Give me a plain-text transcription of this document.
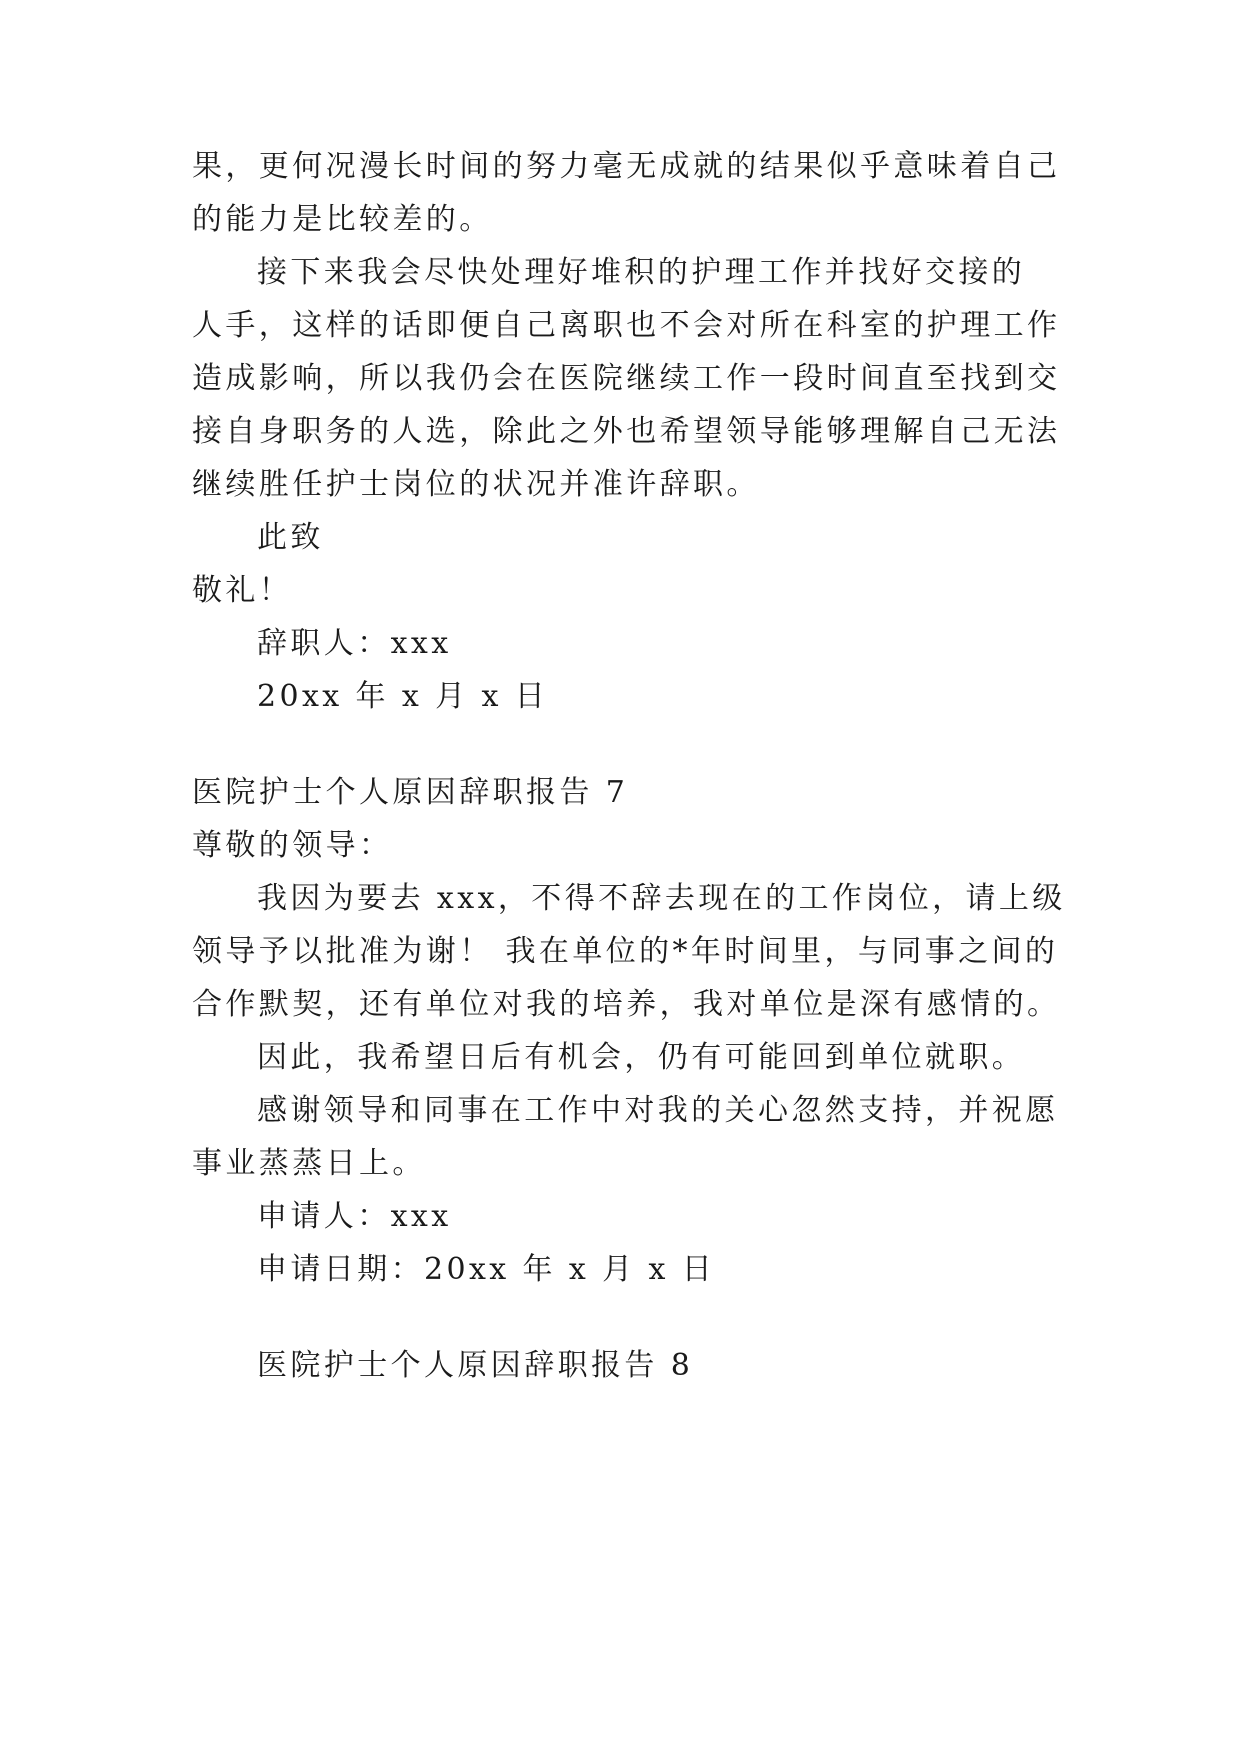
果，更何况漫长时间的努力毫无成就的结果似乎意味着自己
的能力是比较差的。
接下来我会尽快处理好堆积的护理工作并找好交接的
人手，这样的话即便自己离职也不会对所在科室的护理工作
造成影响，所以我仍会在医院继续工作一段时间直至找到交
接自身职务的人选，除此之外也希望领导能够理解自己无法
继续胜任护士岗位的状况并准许辞职。
此致
敬礼！
辞职人：xxx
20xx 年 x 月 x 日
医院护士个人原因辞职报告 7
尊敬的领导：
我因为要去 xxx，不得不辞去现在的工作岗位，请上级
领导予以批准为谢！ 我在单位的*年时间里，与同事之间的
合作默契，还有单位对我的培养，我对单位是深有感情的。
因此，我希望日后有机会，仍有可能回到单位就职。
感谢领导和同事在工作中对我的关心忽然支持，并祝愿
事业蒸蒸日上。
申请人：xxx
申请日期：20xx 年 x 月 x 日
医院护士个人原因辞职报告 8
